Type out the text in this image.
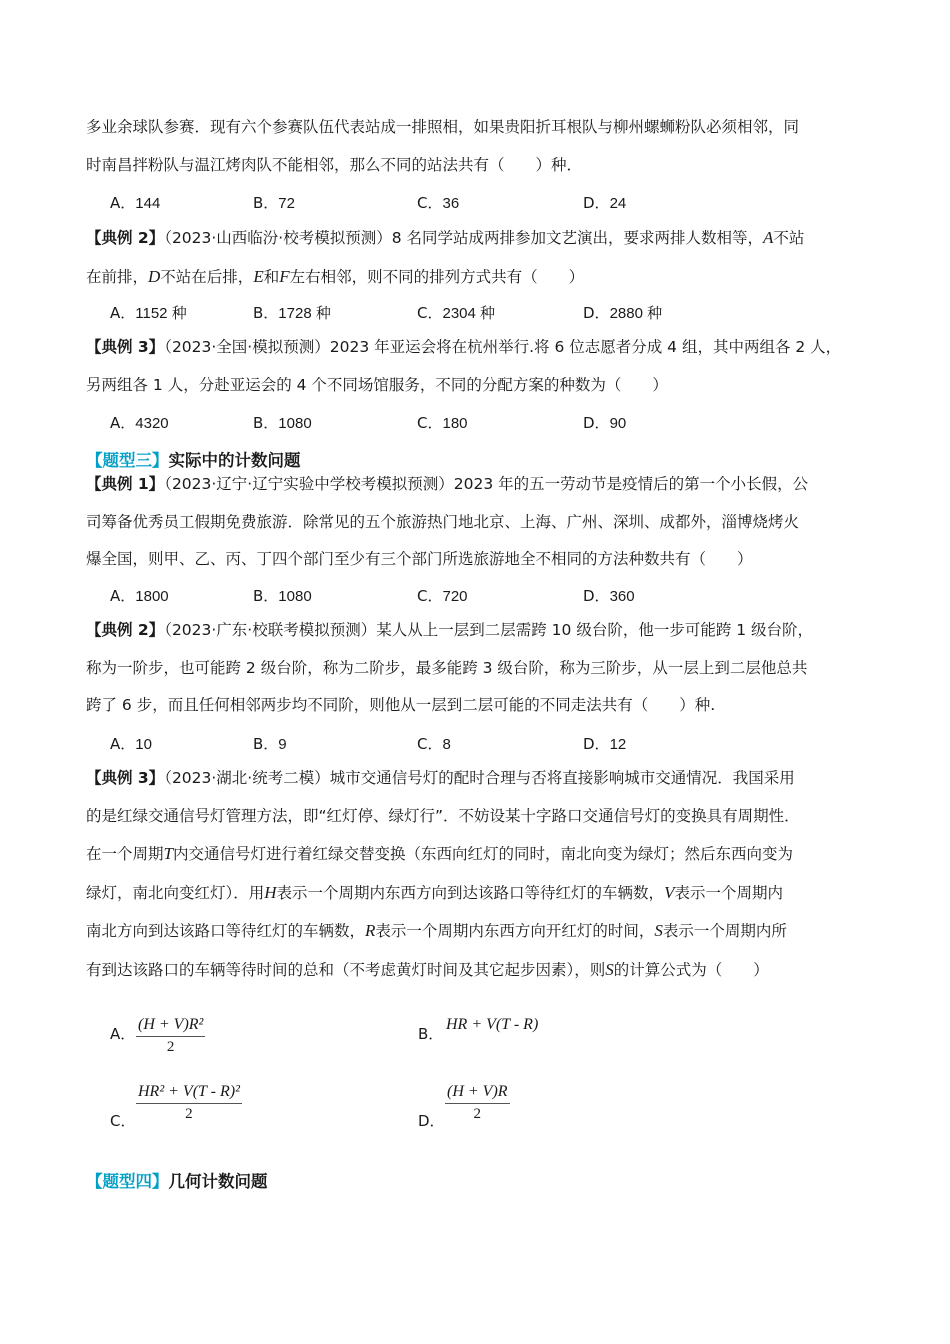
多业余球队参赛．现有六个参赛队伍代表站成一排照相，如果贵阳折耳根队与柳州螺蛳粉队必须相邻，同
时南昌拌粉队与温江烤肉队不能相邻，那么不同的站法共有（　　）种．
A．144	B．72	C．36	D．24
【典例 2】（2023·山西临汾·校考模拟预测）8 名同学站成两排参加文艺演出，要求两排人数相等，A不站
在前排，D不站在后排，E和F左右相邻，则不同的排列方式共有（　　）
A．1152 种	B．1728 种	C．2304 种	D．2880 种
【典例 3】（2023·全国·模拟预测）2023 年亚运会将在杭州举行.将 6 位志愿者分成 4 组，其中两组各 2 人，
另两组各 1 人，分赴亚运会的 4 个不同场馆服务，不同的分配方案的种数为（　　）
A．4320	B．1080	C．180	D．90
【题型三】实际中的计数问题
【典例 1】（2023·辽宁·辽宁实验中学校考模拟预测）2023 年的五一劳动节是疫情后的第一个小长假，公
司筹备优秀员工假期免费旅游．除常见的五个旅游热门地北京、上海、广州、深圳、成都外，淄博烧烤火
爆全国，则甲、乙、丙、丁四个部门至少有三个部门所选旅游地全不相同的方法种数共有（　　）
A．1800	B．1080	C．720	D．360
【典例 2】（2023·广东·校联考模拟预测）某人从上一层到二层需跨 10 级台阶，他一步可能跨 1 级台阶，
称为一阶步，也可能跨 2 级台阶，称为二阶步，最多能跨 3 级台阶，称为三阶步，从一层上到二层他总共
跨了 6 步，而且任何相邻两步均不同阶，则他从一层到二层可能的不同走法共有（　　）种.
A．10	B．9	C．8	D．12
【典例 3】（2023·湖北·统考二模）城市交通信号灯的配时合理与否将直接影响城市交通情况．我国采用
的是红绿交通信号灯管理方法，即“红灯停、绿灯行”．不妨设某十字路口交通信号灯的变换具有周期性．
在一个周期T内交通信号灯进行着红绿交替变换（东西向红灯的同时，南北向变为绿灯；然后东西向变为
绿灯，南北向变红灯）．用H表示一个周期内东西方向到达该路口等待红灯的车辆数，V表示一个周期内
南北方向到达该路口等待红灯的车辆数，R表示一个周期内东西方向开红灯的时间，S表示一个周期内所
有到达该路口的车辆等待时间的总和（不考虑黄灯时间及其它起步因素），则S的计算公式为（　　）
A．
(H + V)R²
2
B．
HR + V(T - R)
C．
HR² + V(T - R)²
2	D．
(H + V)R
2
【题型四】几何计数问题
